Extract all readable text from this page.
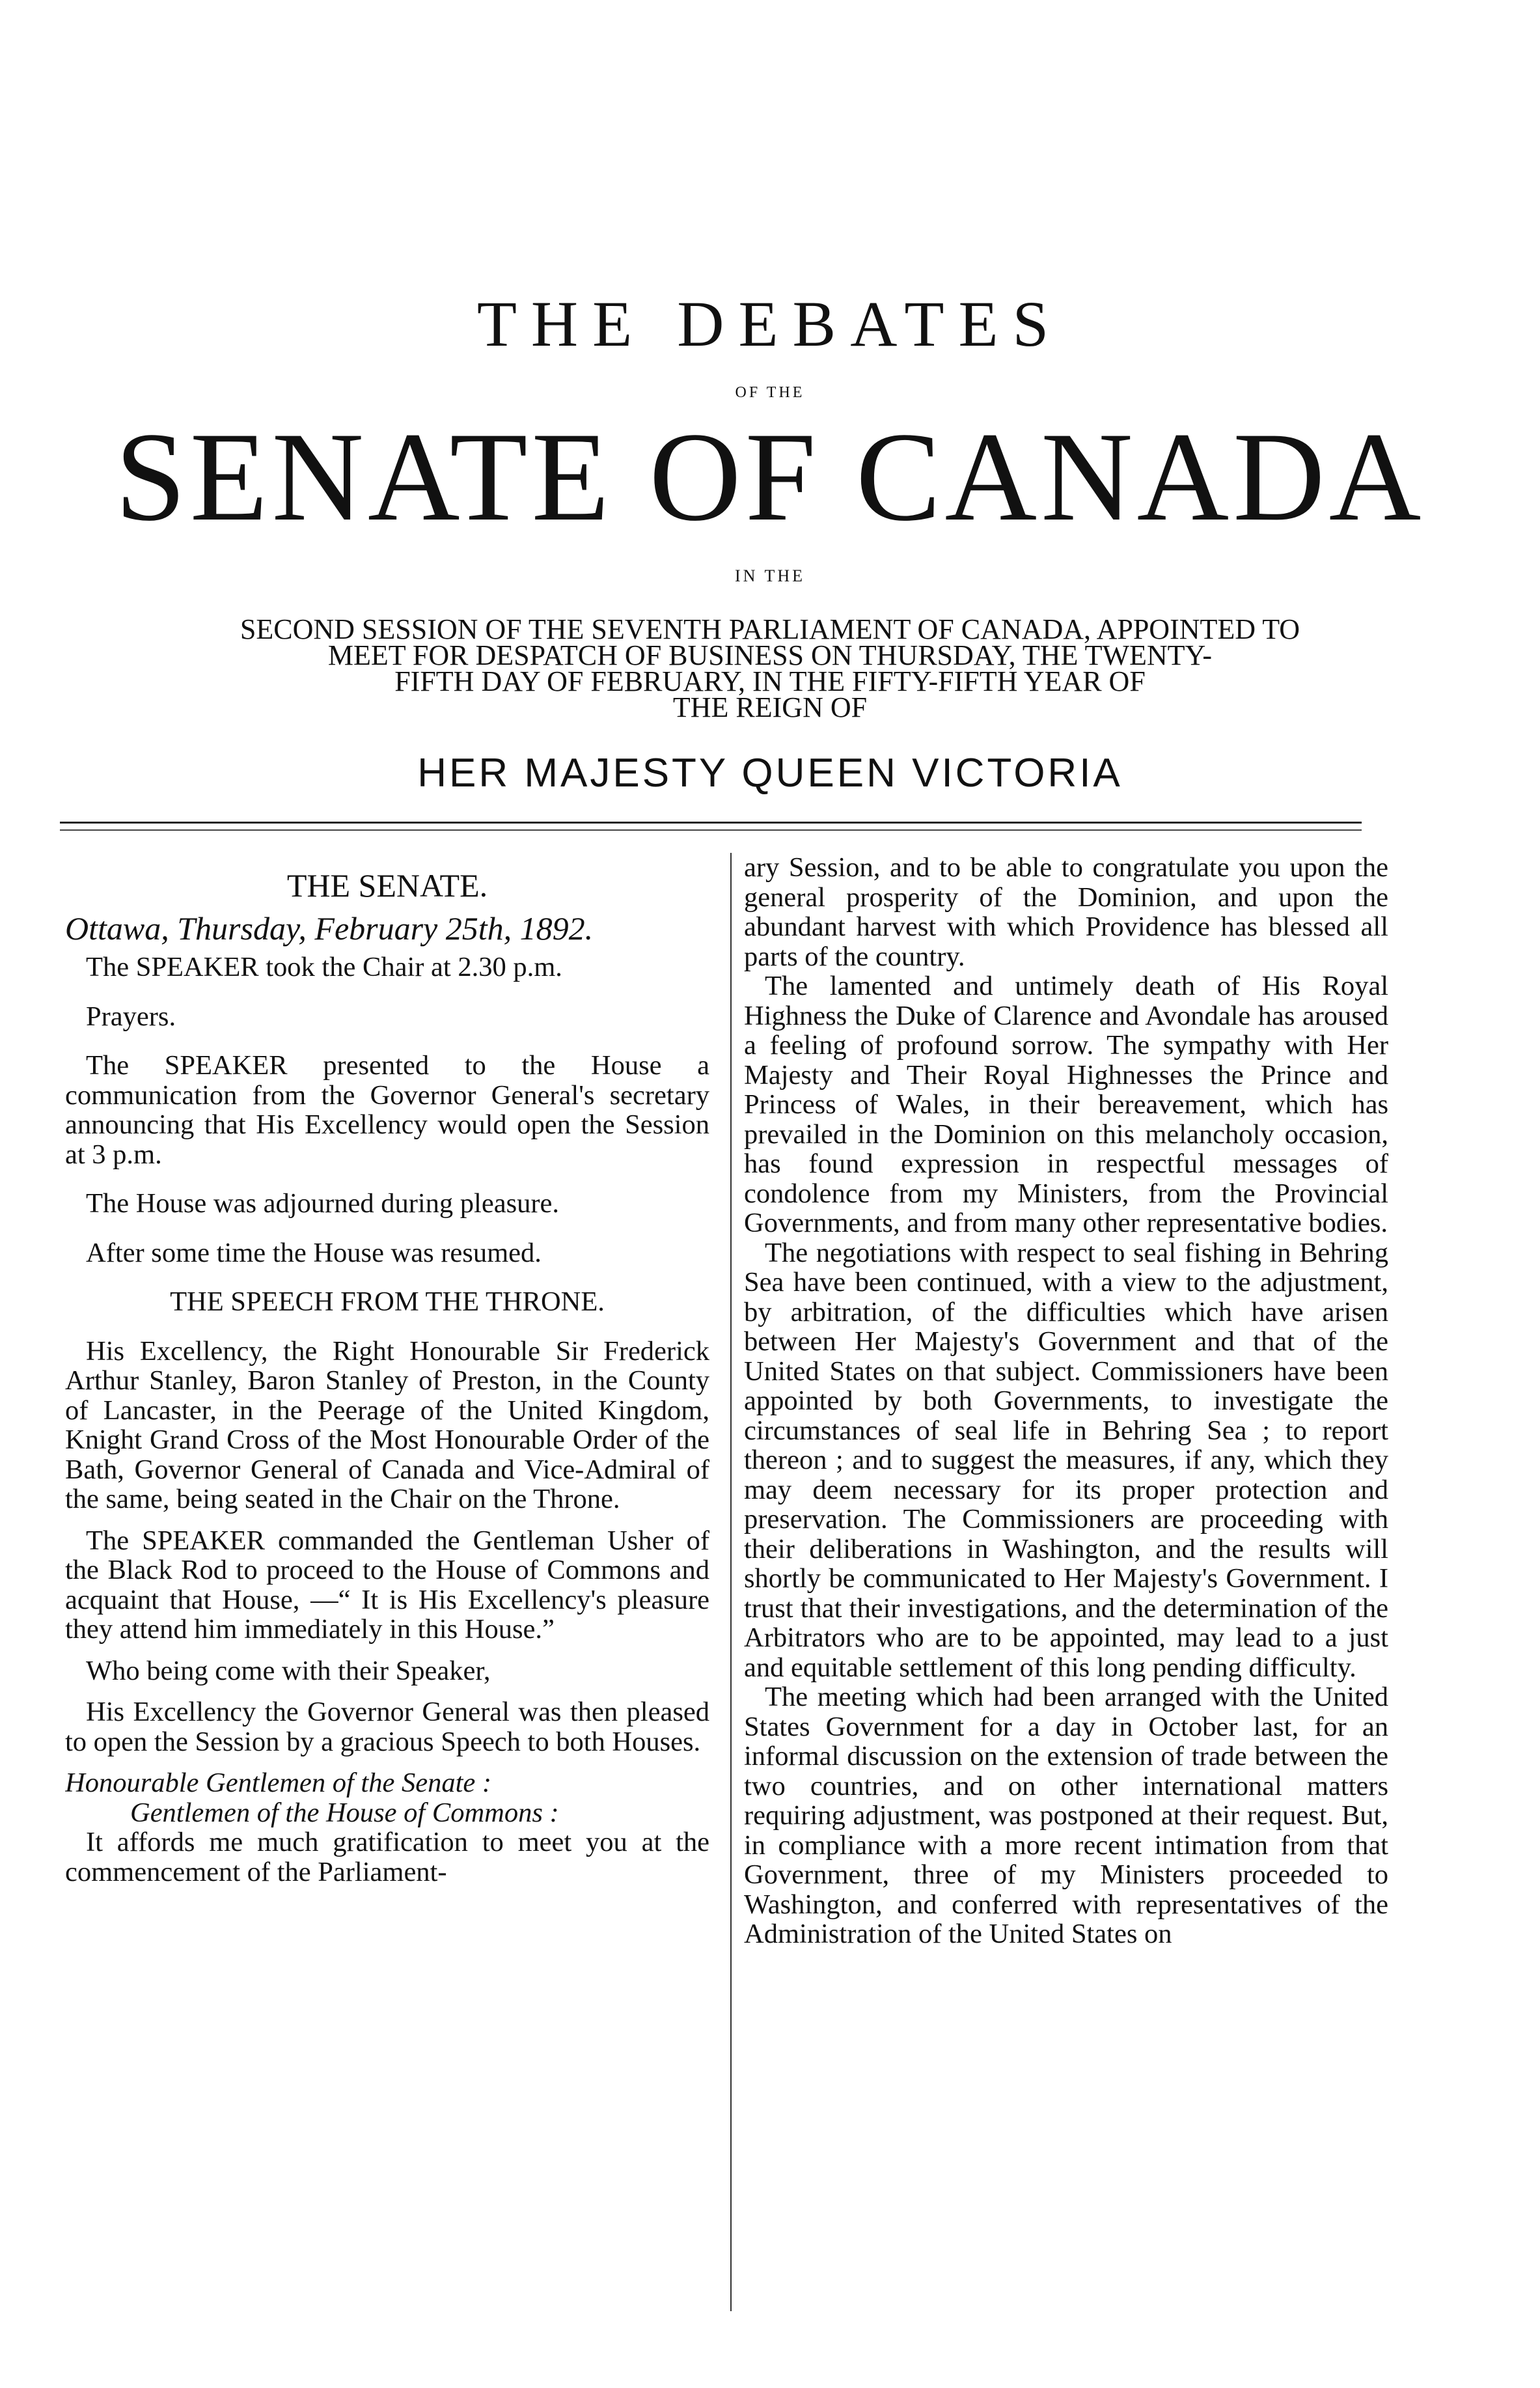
THE DEBATES
OF THE
SENATE OF CANADA
IN THE
SECOND SESSION OF THE SEVENTH PARLIAMENT OF CANADA, APPOINTED TO
MEET FOR DESPATCH OF BUSINESS ON THURSDAY, THE TWENTY-
FIFTH DAY OF FEBRUARY, IN THE FIFTY-FIFTH YEAR OF
THE REIGN OF
HER MAJESTY QUEEN VICTORIA

THE SENATE.

Ottawa, Thursday, February 25th, 1892.

The SPEAKER took the Chair at 2.30 p.m.

Prayers.

The SPEAKER presented to the House a communication from the Governor General's secretary announcing that His Excellency would open the Session at 3 p.m.

The House was adjourned during pleasure.

After some time the House was resumed.

THE SPEECH FROM THE THRONE.

His Excellency, the Right Honourable Sir Frederick Arthur Stanley, Baron Stanley of Preston, in the County of Lancaster, in the Peerage of the United Kingdom, Knight Grand Cross of the Most Honourable Order of the Bath, Governor General of Canada and Vice-Admiral of the same, being seated in the Chair on the Throne.

The SPEAKER commanded the Gentleman Usher of the Black Rod to proceed to the House of Commons and acquaint that House, —“ It is His Excellency's pleasure they attend him immediately in this House.”

Who being come with their Speaker,

His Excellency the Governor General was then pleased to open the Session by a gracious Speech to both Houses.

Honourable Gentlemen of the Senate :

Gentlemen of the House of Commons :

It affords me much gratification to meet you at the commencement of the Parliament-

ary Session, and to be able to congratulate you upon the general prosperity of the Dominion, and upon the abundant harvest with which Providence has blessed all parts of the country.

The lamented and untimely death of His Royal Highness the Duke of Clarence and Avondale has aroused a feeling of profound sorrow. The sympathy with Her Majesty and Their Royal Highnesses the Prince and Princess of Wales, in their bereavement, which has prevailed in the Dominion on this melancholy occasion, has found expression in respectful messages of condolence from my Ministers, from the Provincial Governments, and from many other representative bodies.

The negotiations with respect to seal fishing in Behring Sea have been continued, with a view to the adjustment, by arbitration, of the difficulties which have arisen between Her Majesty's Government and that of the United States on that subject. Commissioners have been appointed by both Governments, to investigate the circumstances of seal life in Behring Sea ; to report thereon ; and to suggest the measures, if any, which they may deem necessary for its proper protection and preservation. The Commissioners are proceeding with their deliberations in Washington, and the results will shortly be communicated to Her Majesty's Government. I trust that their investigations, and the determination of the Arbitrators who are to be appointed, may lead to a just and equitable settlement of this long pending difficulty.

The meeting which had been arranged with the United States Government for a day in October last, for an informal discussion on the extension of trade between the two countries, and on other international matters requiring adjustment, was postponed at their request. But, in compliance with a more recent intimation from that Government, three of my Ministers proceeded to Washington, and conferred with representatives of the Administration of the United States on
